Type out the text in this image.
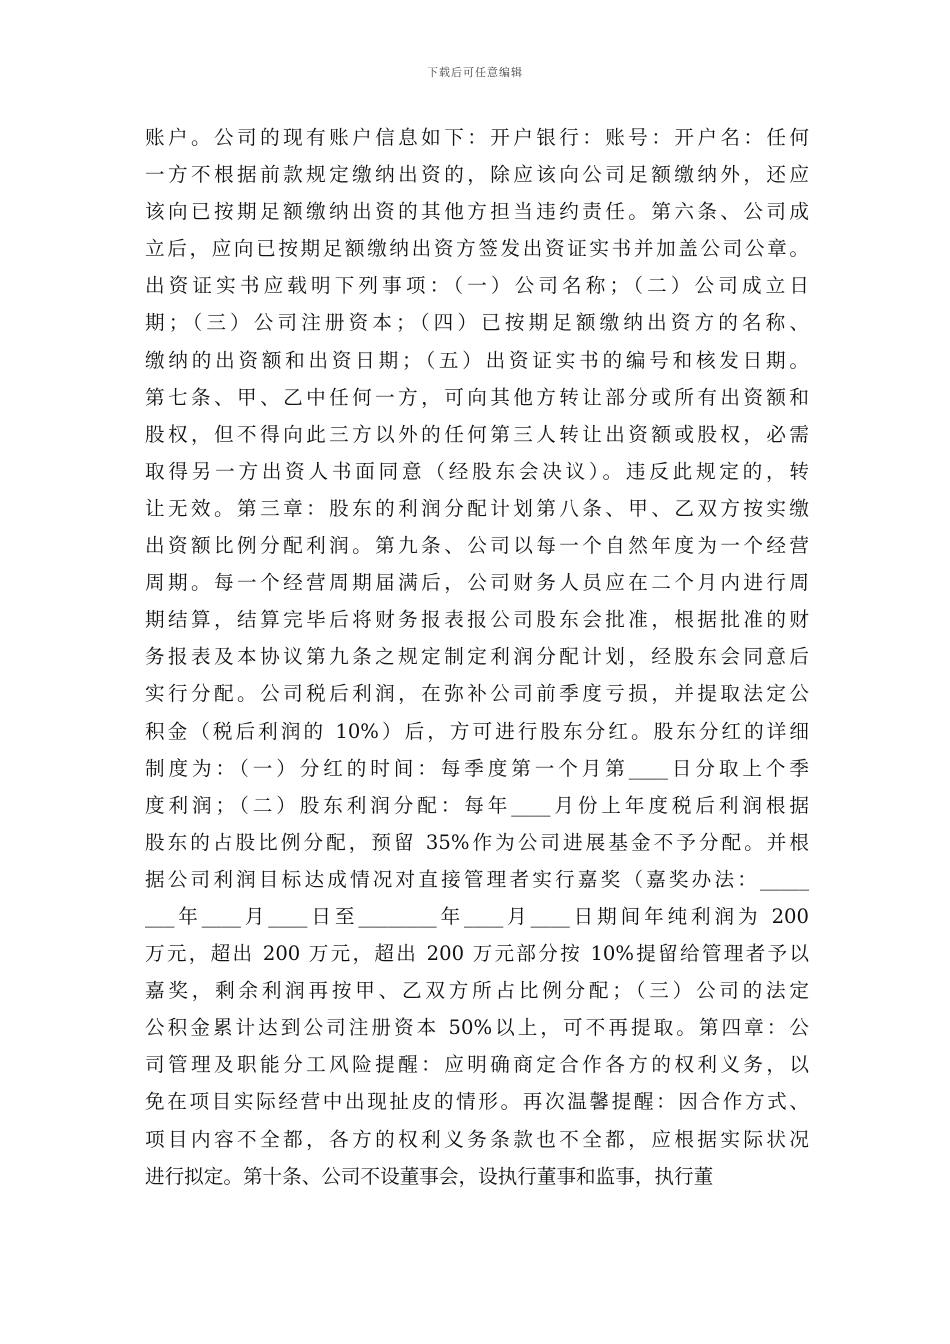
下载后可任意编辑
账户。公司的现有账户信息如下：开户银行：账号：开户名：任何
一方不根据前款规定缴纳出资的，除应该向公司足额缴纳外，还应
该向已按期足额缴纳出资的其他方担当违约责任。第六条、公司成
立后，应向已按期足额缴纳出资方签发出资证实书并加盖公司公章。
出资证实书应载明下列事项：（一）公司名称；（二）公司成立日
期；（三）公司注册资本；（四）已按期足额缴纳出资方的名称、
缴纳的出资额和出资日期；（五）出资证实书的编号和核发日期。
第七条、甲、乙中任何一方，可向其他方转让部分或所有出资额和
股权，但不得向此三方以外的任何第三人转让出资额或股权，必需
取得另一方出资人书面同意（经股东会决议）。违反此规定的，转
让无效。第三章：股东的利润分配计划第八条、甲、乙双方按实缴
出资额比例分配利润。第九条、公司以每一个自然年度为一个经营
周期。每一个经营周期届满后，公司财务人员应在二个月内进行周
期结算，结算完毕后将财务报表报公司股东会批准，根据批准的财
务报表及本协议第九条之规定制定利润分配计划，经股东会同意后
实行分配。公司税后利润，在弥补公司前季度亏损，并提取法定公
积金（税后利润的 10%）后，方可进行股东分红。股东分红的详细
制度为：（一）分红的时间：每季度第一个月第____日分取上个季
度利润；（二）股东利润分配：每年____月份上年度税后利润根据
股东的占股比例分配，预留 35%作为公司进展基金不予分配。并根
据公司利润目标达成情况对直接管理者实行嘉奖（嘉奖办法：_____
___年____月____日至________年____月____日期间年纯利润为 200
万元，超出 200 万元，超出 200 万元部分按 10%提留给管理者予以
嘉奖，剩余利润再按甲、乙双方所占比例分配；（三）公司的法定
公积金累计达到公司注册资本 50%以上，可不再提取。第四章：公
司管理及职能分工风险提醒：应明确商定合作各方的权利义务，以
免在项目实际经营中出现扯皮的情形。再次温馨提醒：因合作方式、
项目内容不全都，各方的权利义务条款也不全都，应根据实际状况
进行拟定。第十条、公司不设董事会，设执行董事和监事，执行董
